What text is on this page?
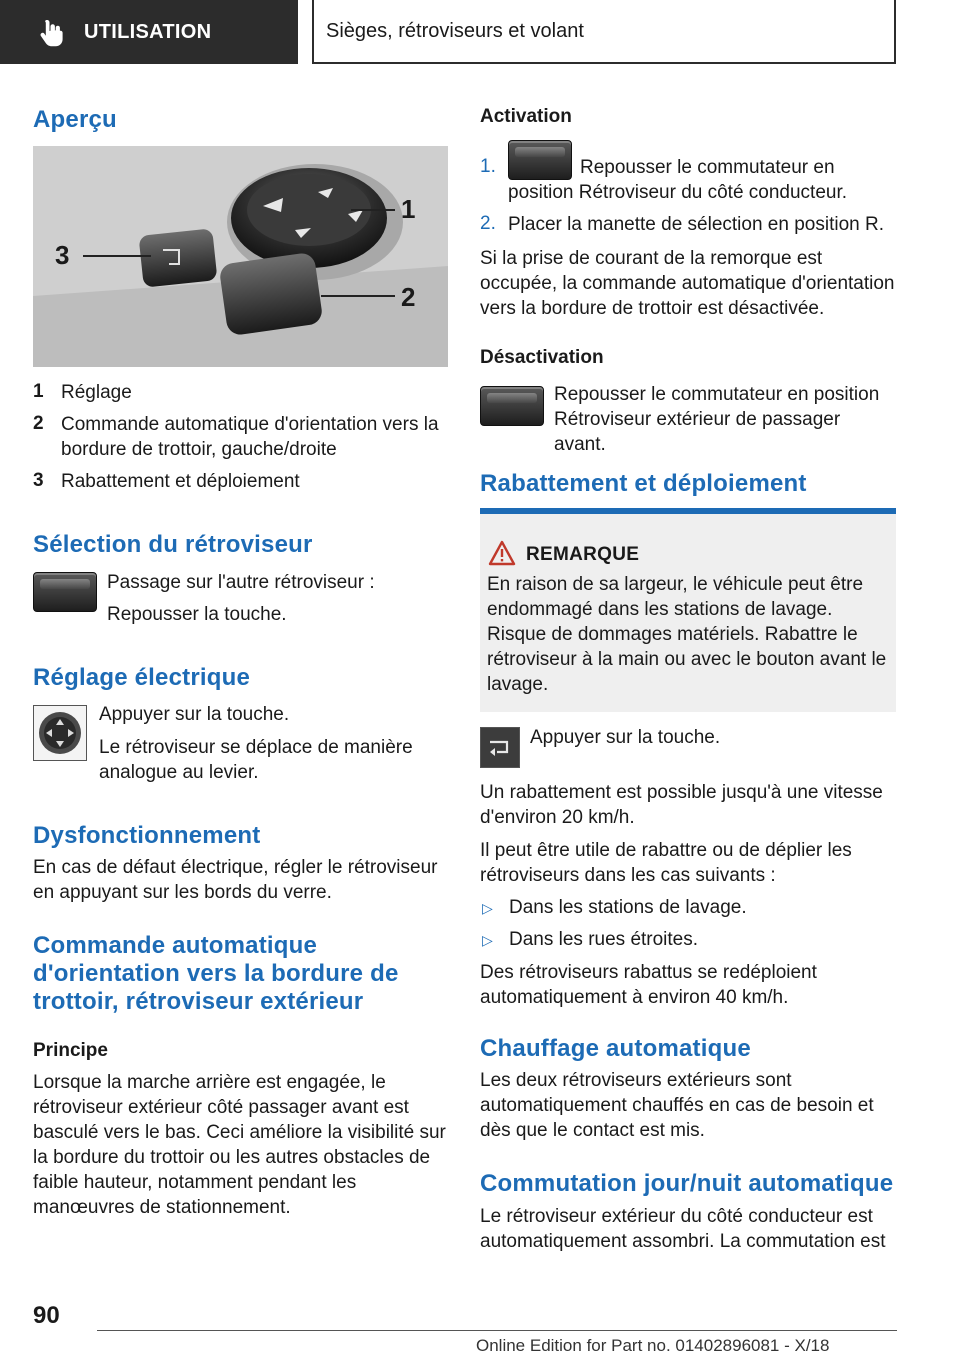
UTILISATION	Sièges, rétroviseurs et volant
Aperçu
1
2
3
1 Réglage
2 Commande automatique d'orientation vers la bordure de trottoir, gauche/droite
3 Rabattement et déploiement
Sélection du rétroviseur

Passage sur l'autre rétroviseur :

Repousser la touche.

Réglage électrique

Appuyer sur la touche.

Le rétroviseur se déplace de manière analogue au levier.

Dysfonctionnement

En cas de défaut électrique, régler le rétroviseur en appuyant sur les bords du verre.

Commande automatique d'orientation vers la bordure de trottoir, rétroviseur extérieur
Principe

Lorsque la marche arrière est engagée, le rétroviseur extérieur côté passager avant est basculé vers le bas. Ceci améliore la visibilité sur la bordure du trottoir ou les autres obstacles de faible hauteur, notamment pendant les manœuvres de stationnement.

Activation
1.	Repousser le commutateur en position Rétroviseur du côté conducteur.

2. Placer la manette de sélection en position R.

Si la prise de courant de la remorque est occupée, la commande automatique d'orientation vers la bordure de trottoir est désactivée.

Désactivation

Repousser le commutateur en position Rétroviseur extérieur de passager avant.

Rabattement et déploiement
REMARQUE

En raison de sa largeur, le véhicule peut être endommagé dans les stations de lavage. Risque de dommages matériels. Rabattre le rétroviseur à la main ou avec le bouton avant le lavage.

Appuyer sur la touche.

Un rabattement est possible jusqu'à une vitesse d'environ 20 km/h.

Il peut être utile de rabattre ou de déplier les rétroviseurs dans les cas suivants :

▷ Dans les stations de lavage.

▷ Dans les rues étroites.

Des rétroviseurs rabattus se redéploient automatiquement à environ 40 km/h.

Chauffage automatique

Les deux rétroviseurs extérieurs sont automatiquement chauffés en cas de besoin et dès que le contact est mis.

Commutation jour/nuit automatique

Le rétroviseur extérieur du côté conducteur est automatiquement assombri. La commutation est

90
Online Edition for Part no. 01402896081 - X/18
